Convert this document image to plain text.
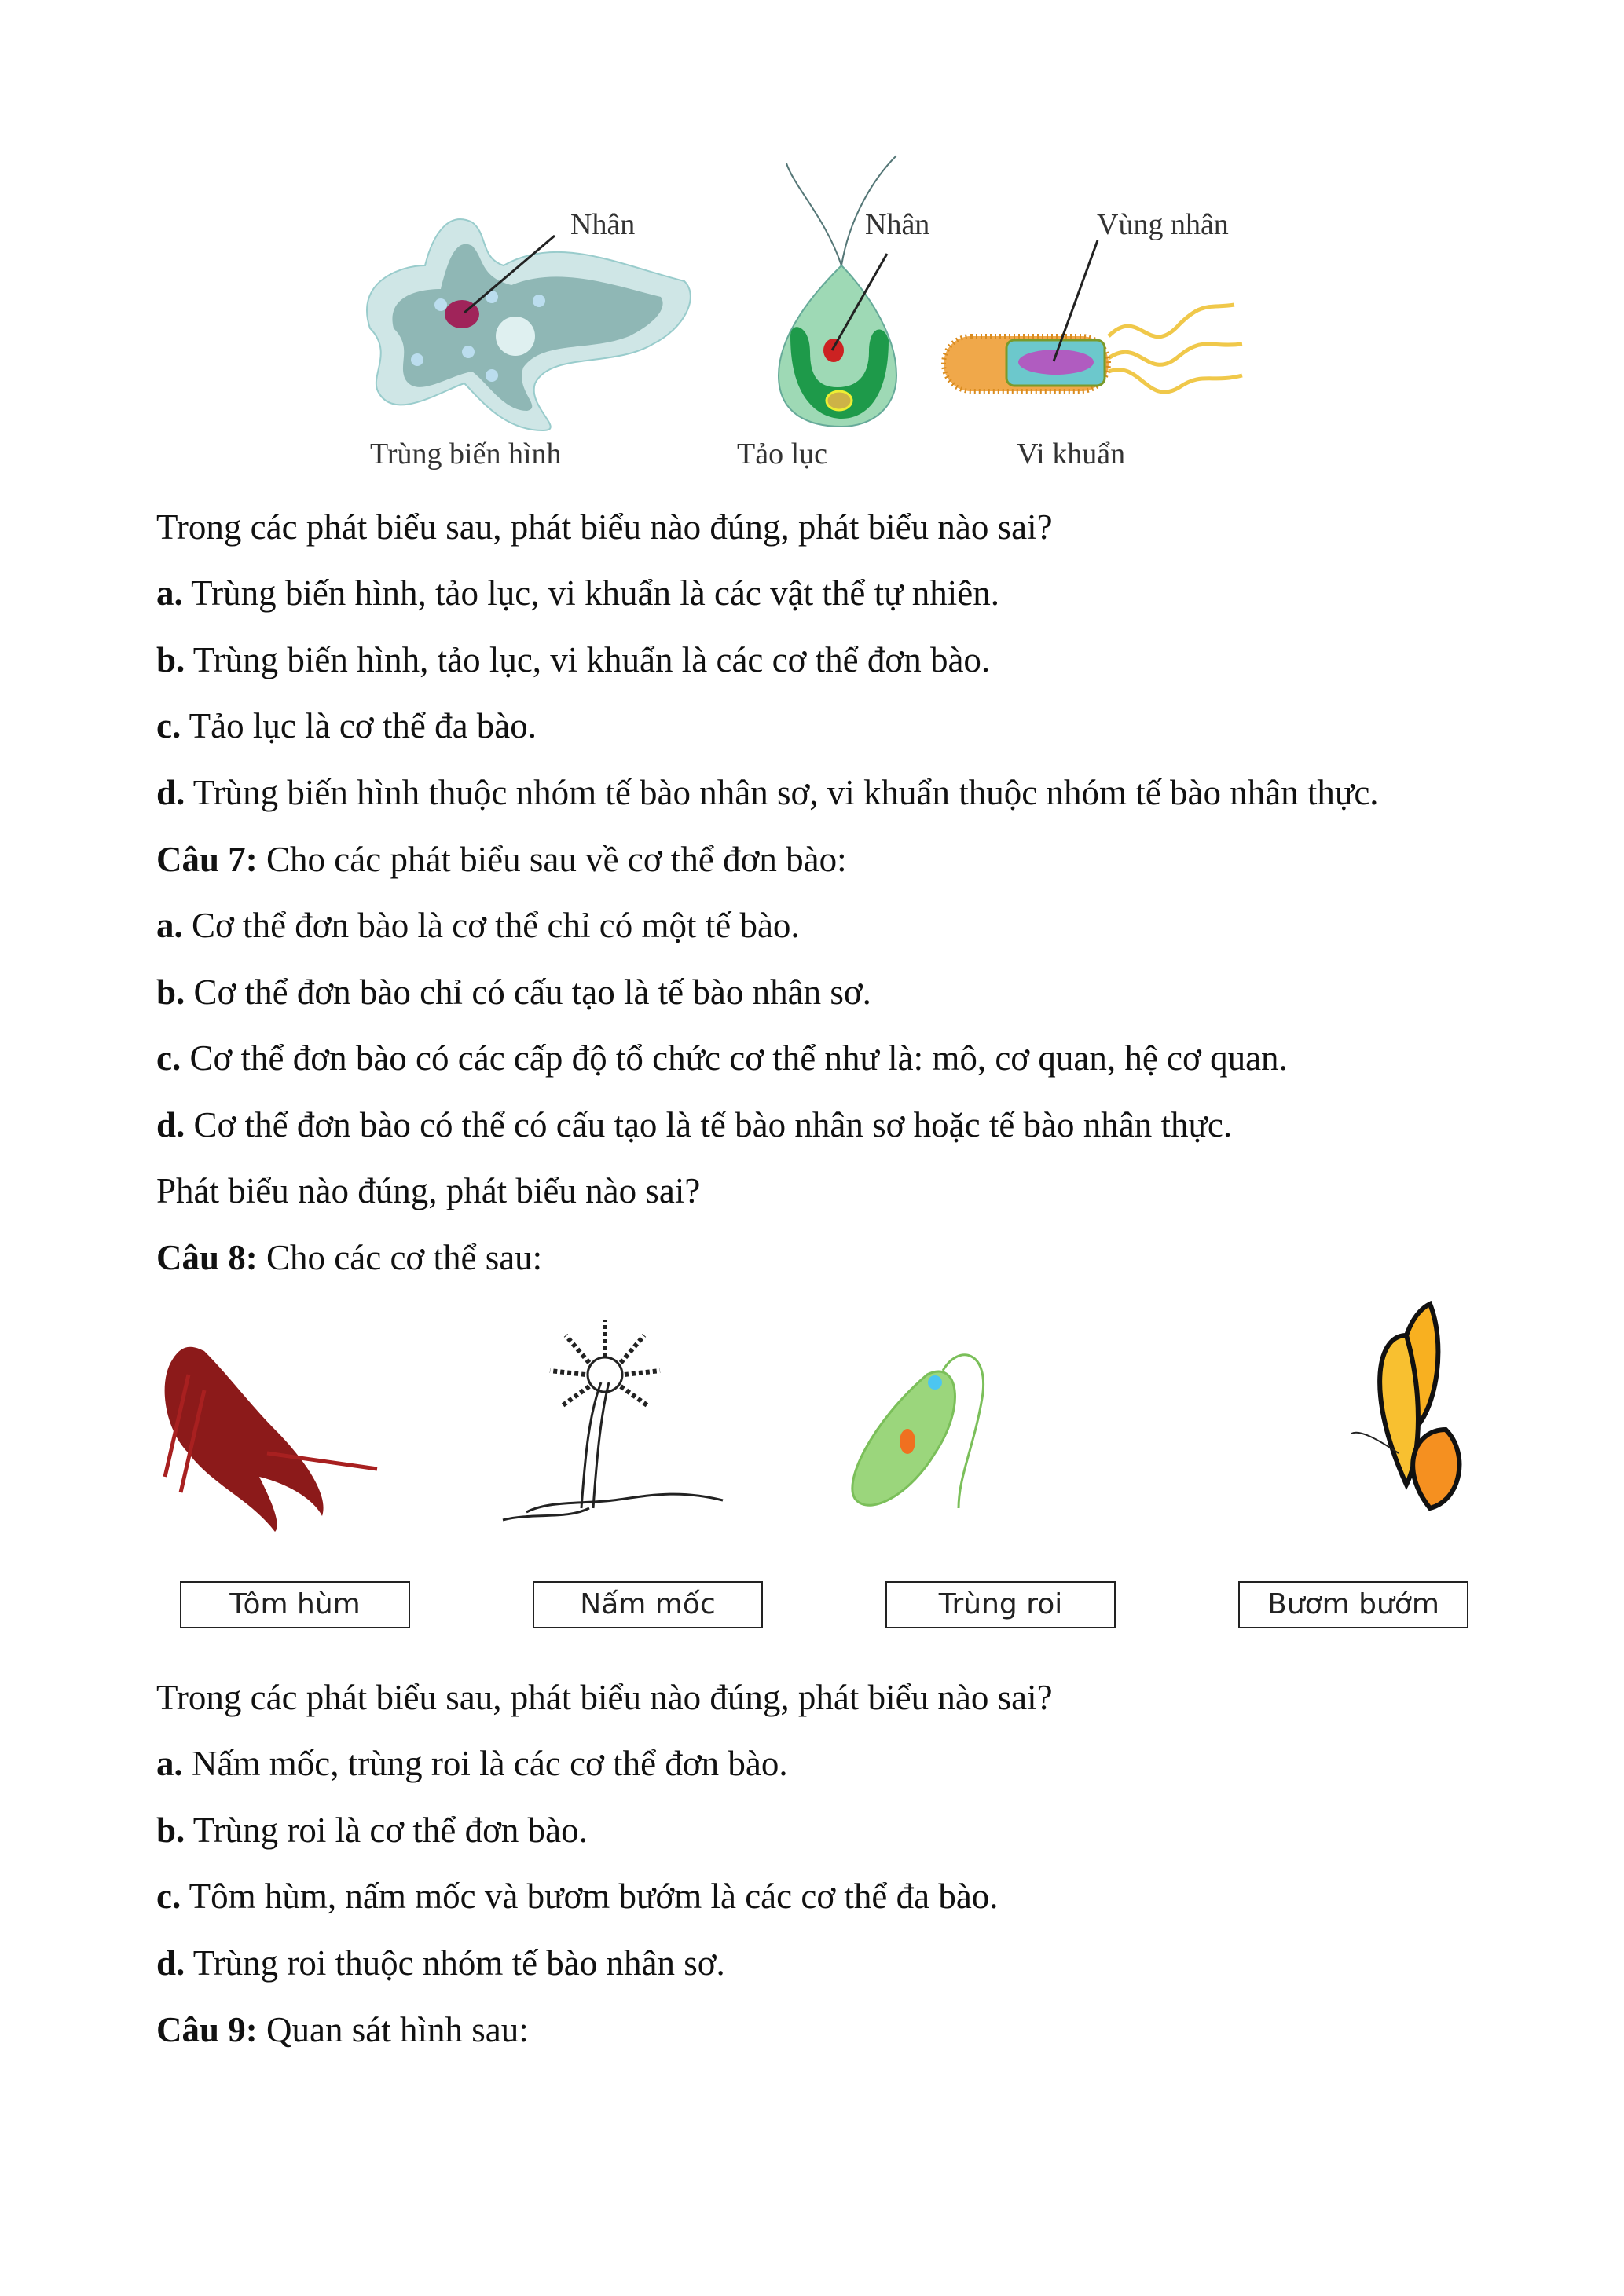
Nhân
Trùng biến hình
Nhân
Tảo lục
Vùng nhân
Vi khuẩn
Trong các phát biểu sau, phát biểu nào đúng, phát biểu nào sai?
a. Trùng biến hình, tảo lục, vi khuẩn là các vật thể tự nhiên.
b. Trùng biến hình, tảo lục, vi khuẩn là các cơ thể đơn bào.
c. Tảo lục là cơ thể đa bào.
d. Trùng biến hình thuộc nhóm tế bào nhân sơ, vi khuẩn thuộc nhóm tế bào nhân thực.
Câu 7: Cho các phát biểu sau về cơ thể đơn bào:
a. Cơ thể đơn bào là cơ thể chỉ có một tế bào.
b. Cơ thể đơn bào chỉ có cấu tạo là tế bào nhân sơ.
c. Cơ thể đơn bào có các cấp độ tổ chức cơ thể như là: mô, cơ quan, hệ cơ quan.
d. Cơ thể đơn bào có thể có cấu tạo là tế bào nhân sơ hoặc tế bào nhân thực.
Phát biểu nào đúng, phát biểu nào sai?
Câu 8: Cho các cơ thể sau:
Tôm hùm	Nấm mốc	Trùng roi	Bươm bướm
Trong các phát biểu sau, phát biểu nào đúng, phát biểu nào sai?
a. Nấm mốc, trùng roi là các cơ thể đơn bào.
b. Trùng roi là cơ thể đơn bào.
c. Tôm hùm, nấm mốc và bươm bướm là các cơ thể đa bào.
d. Trùng roi thuộc nhóm tế bào nhân sơ.
Câu 9: Quan sát hình sau:
